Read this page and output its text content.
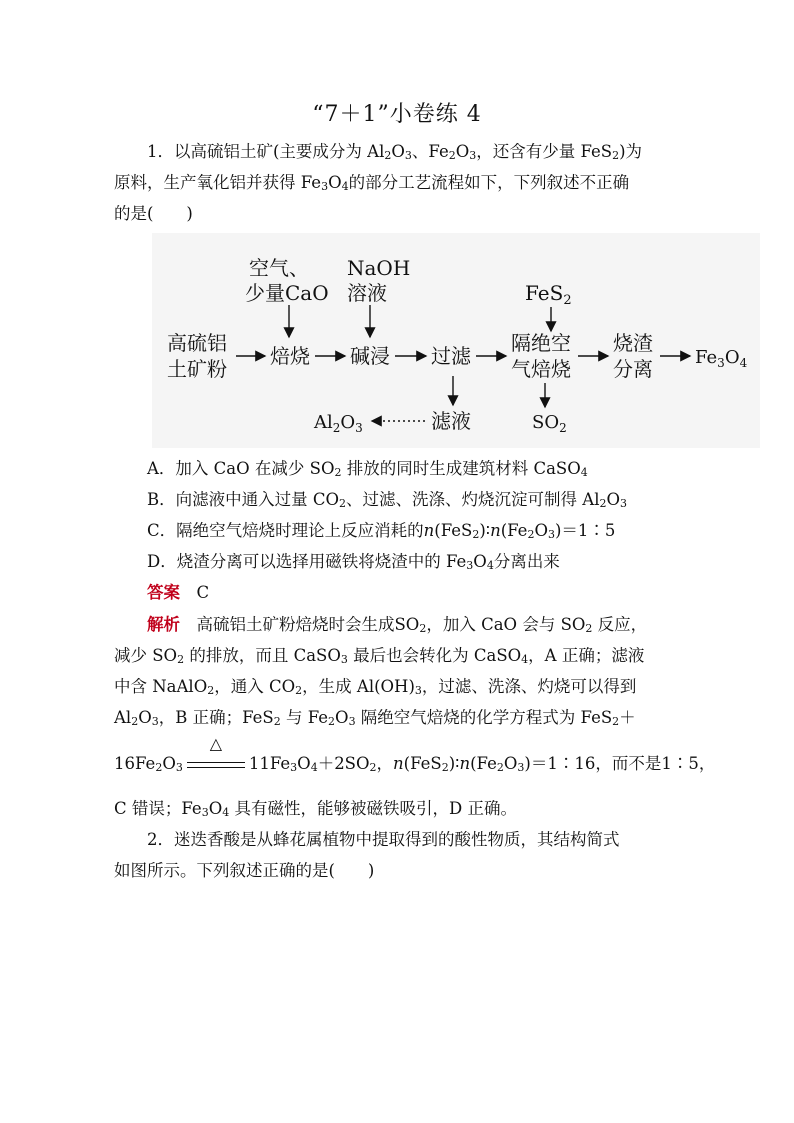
“7＋1”小卷练 4
1．以高硫铝土矿(主要成分为 $Al_2O_3$、$Fe_2O_3$，还含有少量 FeS$_2$)为
原料，生产氧化铝并获得 $Fe_3O_4$的部分工艺流程如下，下列叙述不正确
的是(　　)
空气、
少量CaO
NaOH
溶液	FeS$_2$
高硫铝
土矿粉
焙烧 碱浸 过滤
隔绝空
气焙烧
烧渣
分离 $Fe_3O_4$
$Al_2O_3$	滤液	$SO_2$
A．加入 CaO 在减少 $SO_2$ 排放的同时生成建筑材料 CaSO$_4$
B．向滤液中通入过量 $CO_2$、过滤、洗涤、灼烧沉淀可制得 $Al_2O_3$
C．隔绝空气焙烧时理论上反应消耗的$n(FeS_2)∶n(Fe_2O_3)=1∶5$
D．烧渣分离可以选择用磁铁将烧渣中的 $Fe_3O_4$分离出来
答案　 C
解析　 高硫铝土矿粉焙烧时会生成$SO_2$，加入 CaO 会与 $SO_2$ 反应，
减少 $SO_2$ 的排放，而且 CaSO$_3$ 最后也会转化为 CaSO$_4$，A 正确；滤液
中含 NaAlO$_2$，通入 $CO_2$，生成 $Al(OH)_3$，过滤、洗涤、灼烧可以得到
$Al_2O_3$，B 正确；FeS$_2$ 与 $Fe_2O_3$ 隔绝空气焙烧的化学方程式为 FeS$_2$＋
$16Fe_2O_3$
△
$11Fe_3O_4+2SO_2$，$n(FeS_2)∶n(Fe_2O_3)=1∶16$，而不是1∶5，
C 错误；$Fe_3O_4$ 具有磁性，能够被磁铁吸引，D 正确。
2．迷迭香酸是从蜂花属植物中提取得到的酸性物质，其结构简式
如图所示。下列叙述正确的是(　　)
